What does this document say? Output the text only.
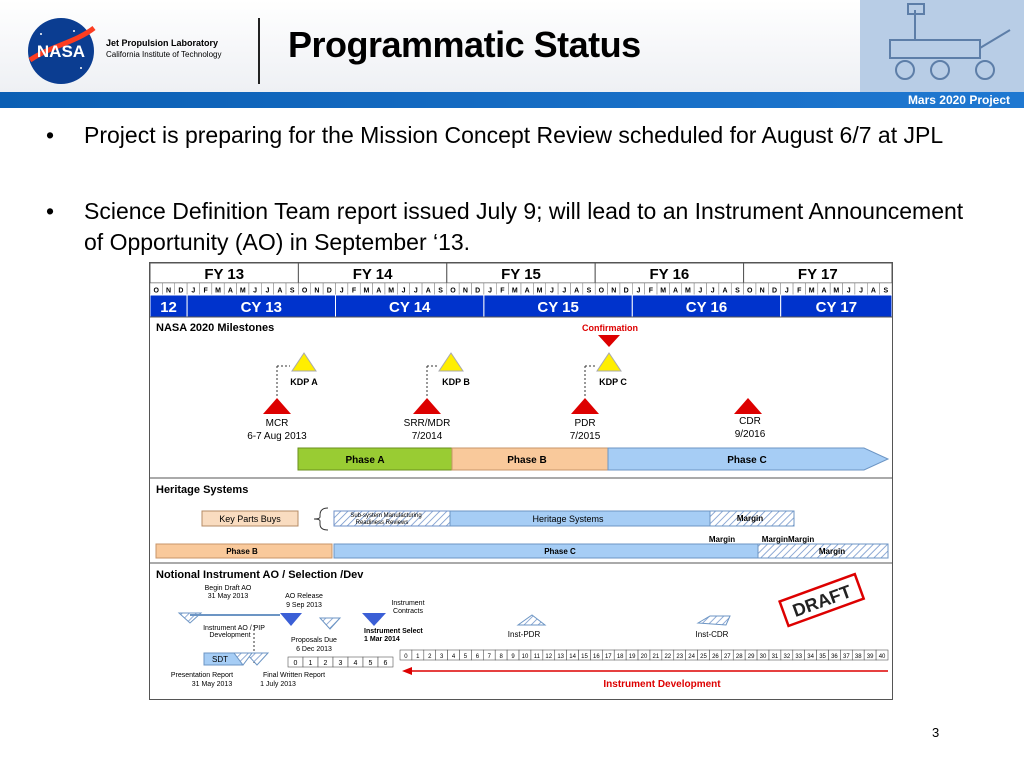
NASA Jet Propulsion Laboratory
California Institute of Technology Programmatic Status
Mars 2020 Project
• Project is preparing for the Mission Concept Review scheduled for August 6/7 at JPL
• Science Definition Team report issued July 9; will lead to an Instrument Announcement of Opportunity (AO) in September ‘13.
FY 13	FY 14	FY 15	FY 16	FY 17
O N D J F M A M J J A S O N D J F M A M J J A S O N D J F M A M J J A S O N D J F M A M J J A S O N D J F M A M J J A S
12	CY 13	CY 14	CY 15	CY 16	CY 17
NASA 2020 Milestones	Confirmation
KDP A
MCR
6-7 Aug 2013
KDP B
SRR/MDR
7/2014
KDP C
PDR
7/2015
CDR
9/2016
Phase A	Phase B	Phase C
Heritage Systems
Key Parts Buys	Sub-system Manufacturing
Readiness Reviews	Heritage Systems	Margin
Margin	MarginMargin
Phase B	Phase C	Margin
Notional Instrument AO / Selection /Dev
Begin Draft AO
31 May 2013	AO Release
9 Sep 2013	Instrument
Contracts
Instrument AO / PIP
Development
Instrument Select
1 Mar 2014
Proposals Due
6 Dec 2013
Inst-PDR	Inst-CDR
SDT	0 1 2 3 4 5 6
0 1 2 3 4 5 6 7 8 9 10 11 12 13 14 15 16 17 18 19 20 21 22 23 24 25 26 27 28 29 30 31 32 33 34 35 36 37 38 39 40
Presentation Report
31 May 2013
Final Written Report
1 July 2013	Instrument Development
DRAFT
3
